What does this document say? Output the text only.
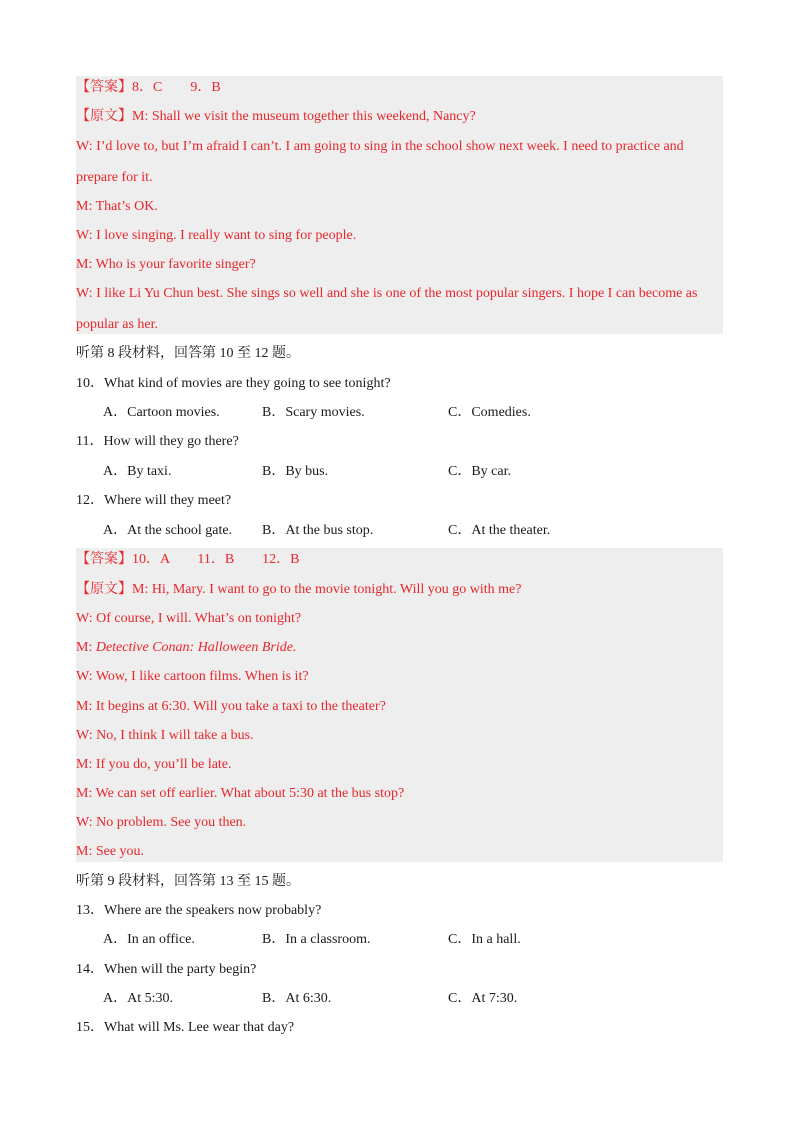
【答案】8．C　　9．B
【原文】M: Shall we visit the museum together this weekend, Nancy?
W: I’d love to, but I’m afraid I can’t. I am going to sing in the school show next week. I need to practice and
prepare for it.
M: That’s OK.
W: I love singing. I really want to sing for people.
M: Who is your favorite singer?
W: I like Li Yu Chun best. She sings so well and she is one of the most popular singers. I hope I can become as
popular as her.
听第 8 段材料，回答第 10 至 12 题。
10．What kind of movies are they going to see tonight?
A．Cartoon movies.	B．Scary movies.	C．Comedies.
11．How will they go there?
A．By taxi.	B．By bus.	C．By car.
12．Where will they meet?
A．At the school gate. B．At the bus stop.	C．At the theater.
【答案】10．A　　11．B　　12．B
【原文】M: Hi, Mary. I want to go to the movie tonight. Will you go with me?
W: Of course, I will. What’s on tonight?
M: Detective Conan: Halloween Bride.
W: Wow, I like cartoon films. When is it?
M: It begins at 6:30. Will you take a taxi to the theater?
W: No, I think I will take a bus.
M: If you do, you’ll be late.
M: We can set off earlier. What about 5:30 at the bus stop?
W: No problem. See you then.
M: See you.
听第 9 段材料，回答第 13 至 15 题。
13．Where are the speakers now probably?
A．In an office.	B．In a classroom.	C．In a hall.
14．When will the party begin?
A．At 5:30.	B．At 6:30.	C．At 7:30.
15．What will Ms. Lee wear that day?
